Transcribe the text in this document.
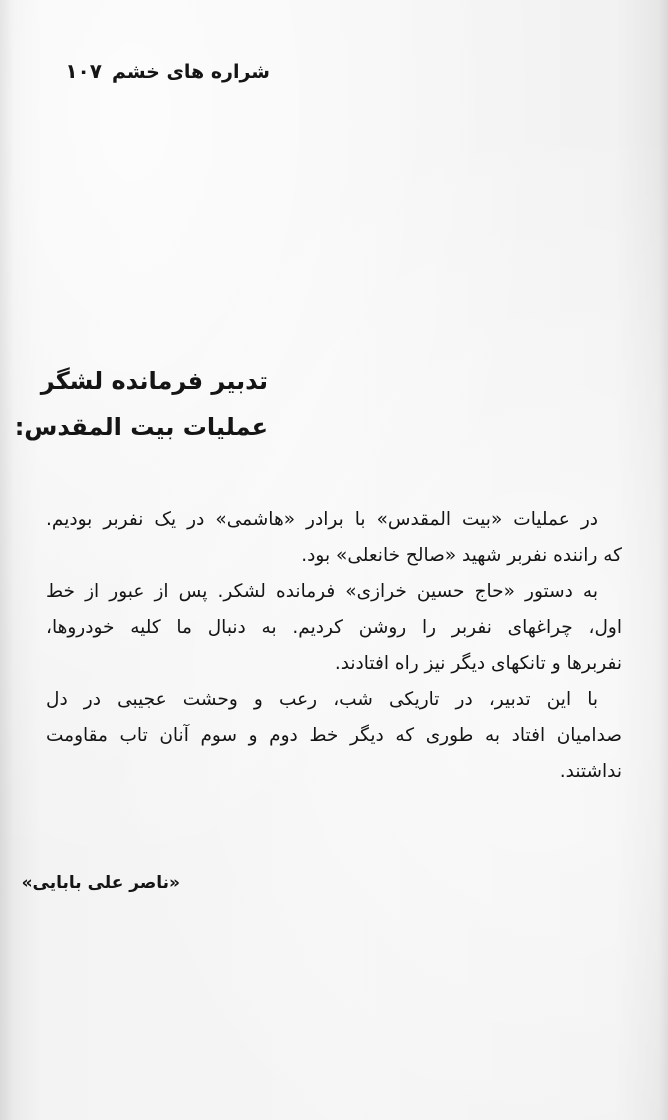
شراره های خشم۱۰۷
تدبیر فرمانده لشگر
عملیات بیت المقدس:
در عملیات «بیت المقدس» با برادر «هاشمی» در یک نفربر بودیم.
که راننده نفربر شهید «صالح خانعلی» بود.
به دستور «حاج حسین خرازی» فرمانده لشکر. پس از عبور از خط
اول، چراغهای نفربر را روشن کردیم. به دنبال ما کلیه خودروها،
نفربرها و تانکهای دیگر نیز راه افتادند.
با این تدبیر، در تاریکی شب، رعب و وحشت عجیبی در دل
صدامیان افتاد به طوری که دیگر خط دوم و سوم آنان تاب مقاومت
نداشتند.
«ناصر علی بابایی»
